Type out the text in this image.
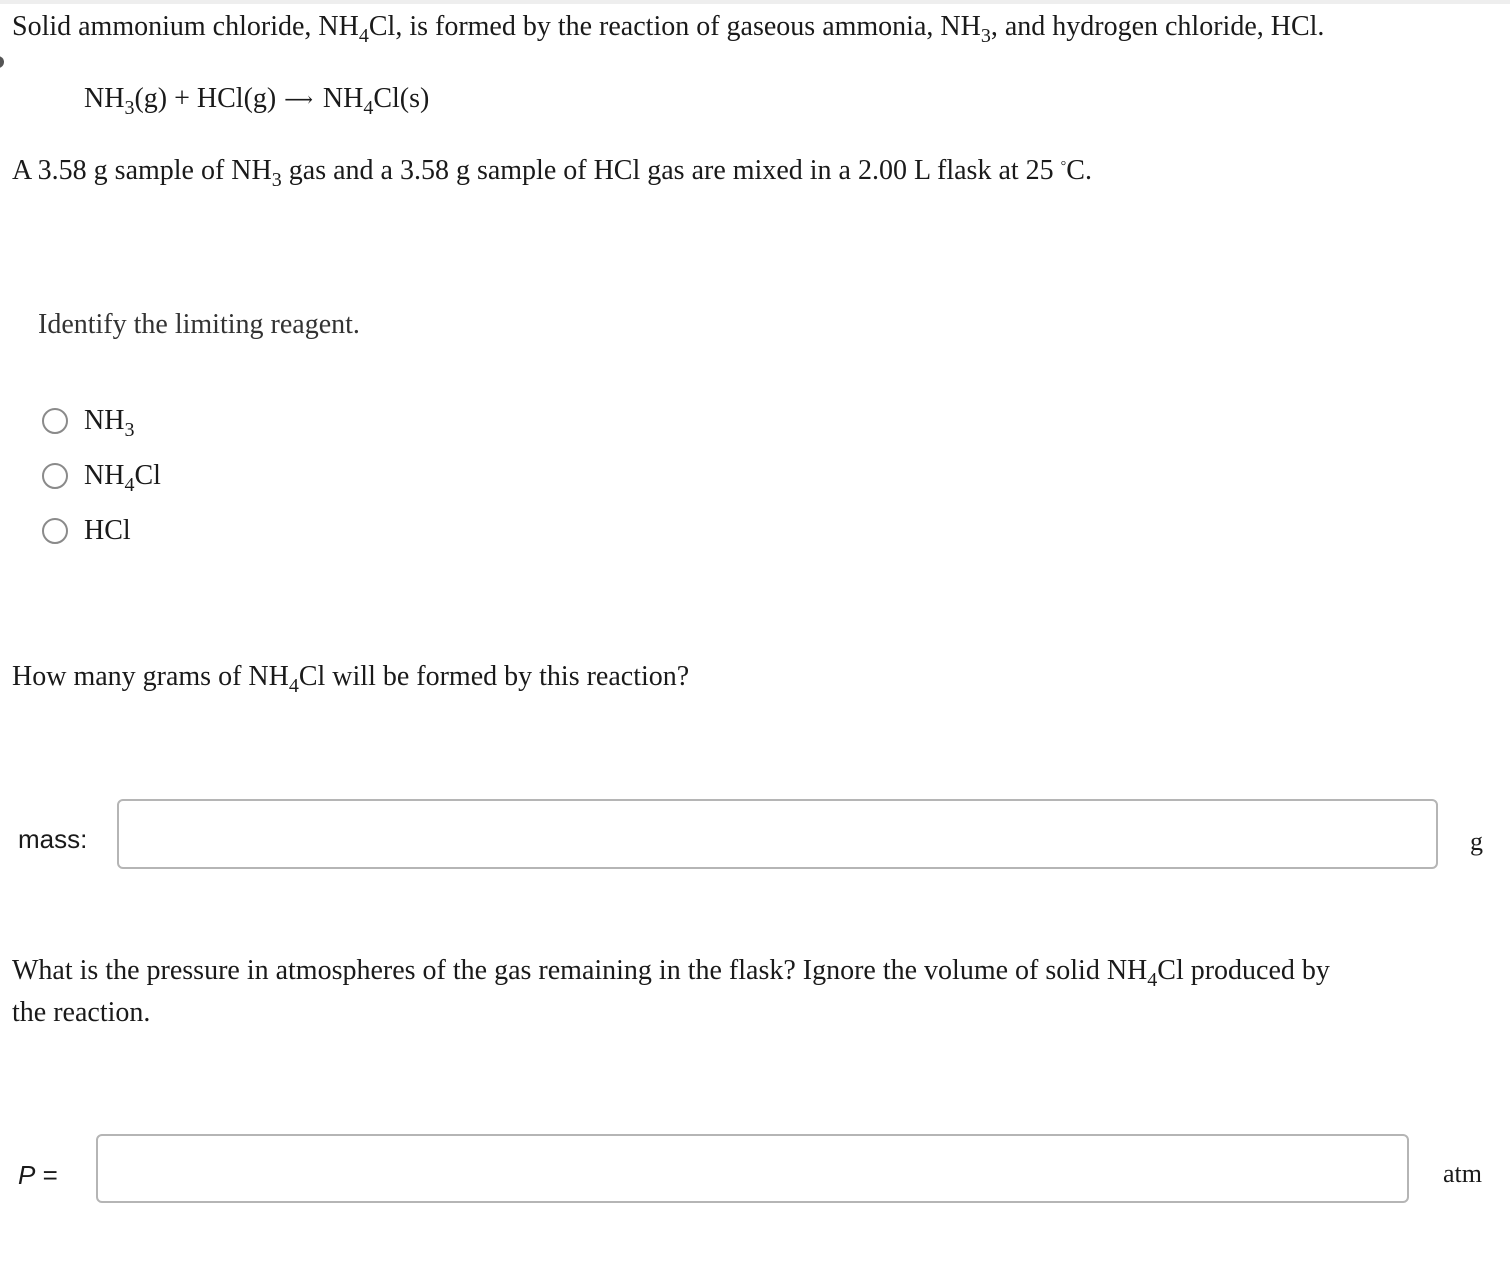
Solid ammonium chloride, $NH_4Cl$, is formed by the reaction of gaseous ammonia, $NH_3$, and hydrogen chloride, HCl.
$NH_3(g) + HCl(g)$ ⟶ $NH_4Cl(s)$
A 3.58 g sample of $NH_3$ gas and a 3.58 g sample of HCl gas are mixed in a 2.00 L flask at 25 °C.
Identify the limiting reagent.
$NH_3$
$NH_4Cl$
HCl
How many grams of $NH_4Cl$ will be formed by this reaction?
mass:	g
What is the pressure in atmospheres of the gas remaining in the flask? Ignore the volume of solid $NH_4Cl$ produced by
the reaction.
P =	atm
